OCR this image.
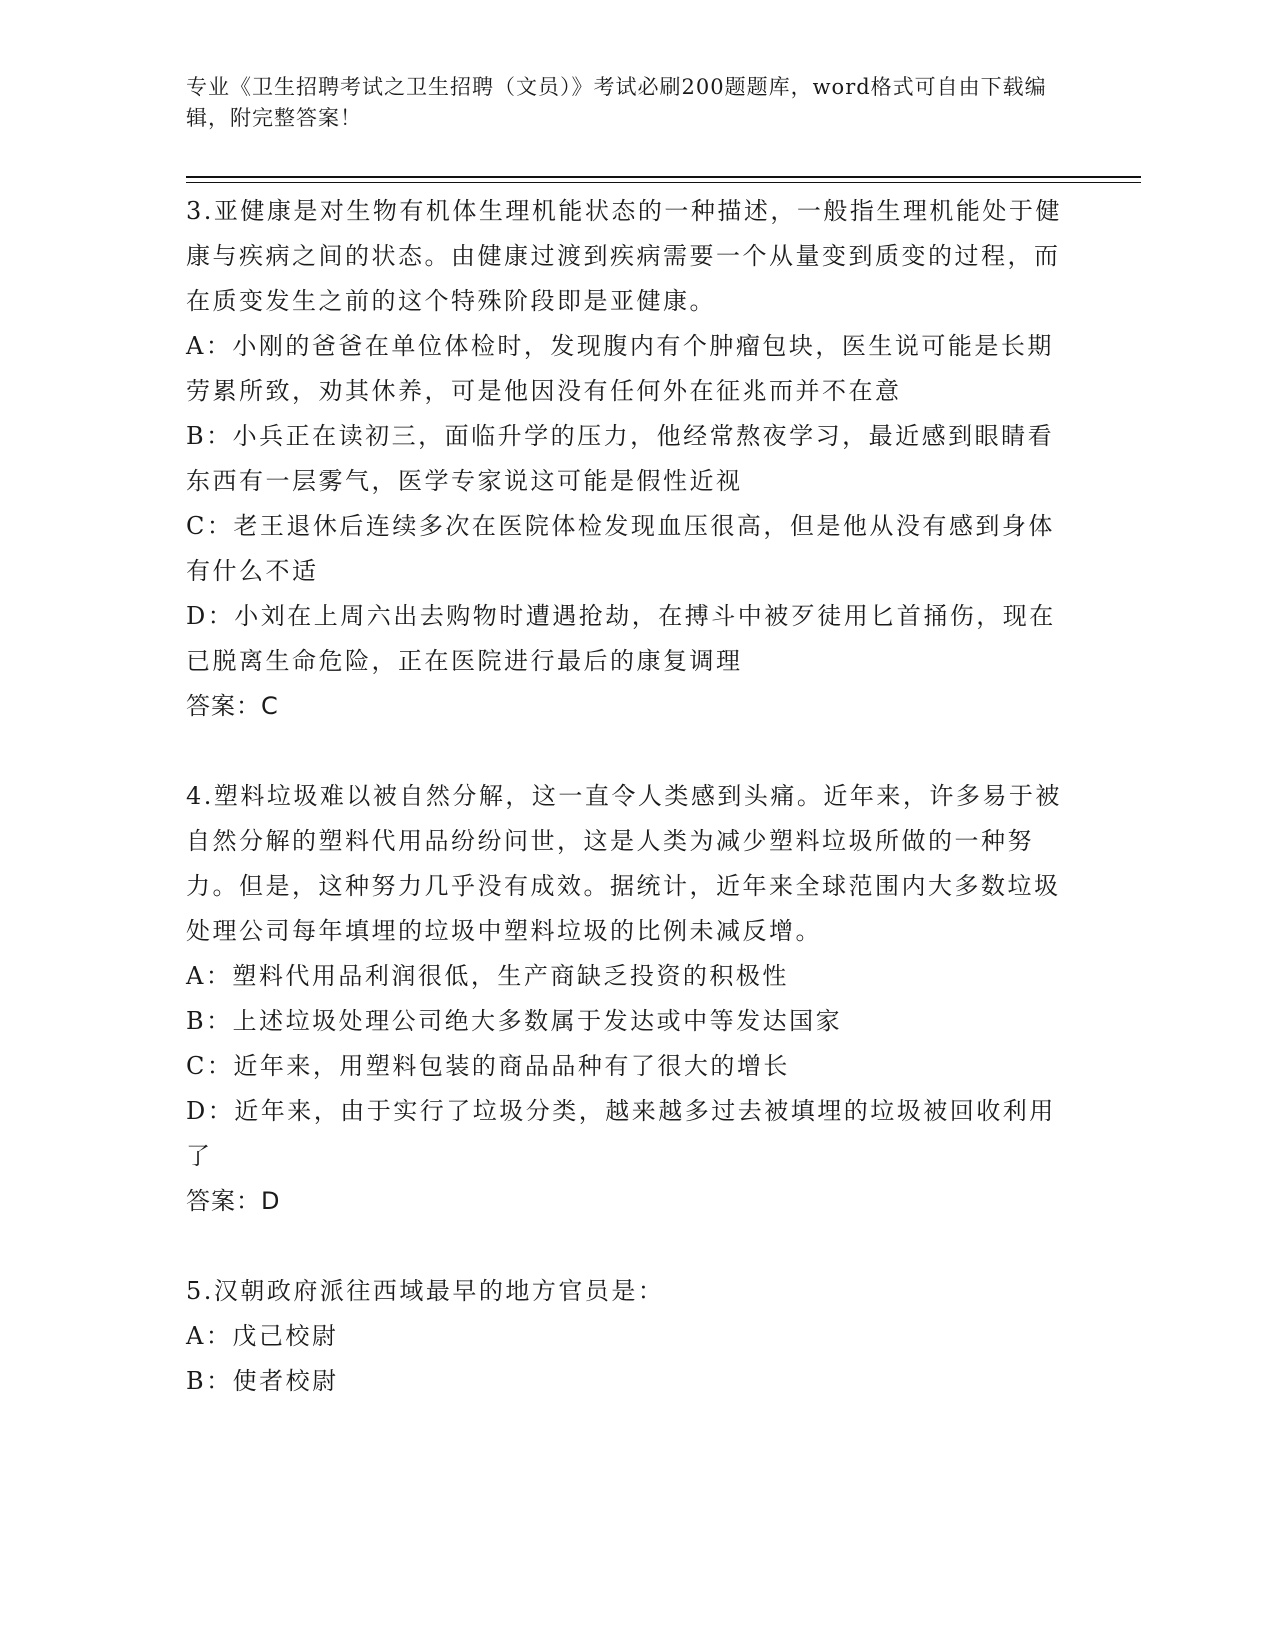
专业《卫生招聘考试之卫生招聘（文员）》考试必刷200题题库，word格式可自由下载编辑，附完整答案！

3.亚健康是对生物有机体生理机能状态的一种描述，一般指生理机能处于健康与疾病之间的状态。由健康过渡到疾病需要一个从量变到质变的过程，而在质变发生之前的这个特殊阶段即是亚健康。

A：小刚的爸爸在单位体检时，发现腹内有个肿瘤包块，医生说可能是长期劳累所致，劝其休养，可是他因没有任何外在征兆而并不在意

B：小兵正在读初三，面临升学的压力，他经常熬夜学习，最近感到眼睛看东西有一层雾气，医学专家说这可能是假性近视

C：老王退休后连续多次在医院体检发现血压很高，但是他从没有感到身体有什么不适

D：小刘在上周六出去购物时遭遇抢劫，在搏斗中被歹徒用匕首捅伤，现在已脱离生命危险，正在医院进行最后的康复调理

答案：C

4.塑料垃圾难以被自然分解，这一直令人类感到头痛。近年来，许多易于被自然分解的塑料代用品纷纷问世，这是人类为减少塑料垃圾所做的一种努力。但是，这种努力几乎没有成效。据统计，近年来全球范围内大多数垃圾处理公司每年填埋的垃圾中塑料垃圾的比例未减反增。

A：塑料代用品利润很低，生产商缺乏投资的积极性

B：上述垃圾处理公司绝大多数属于发达或中等发达国家

C：近年来，用塑料包装的商品品种有了很大的增长

D：近年来，由于实行了垃圾分类，越来越多过去被填埋的垃圾被回收利用了

答案：D

5.汉朝政府派往西域最早的地方官员是：

A：戊己校尉

B：使者校尉
